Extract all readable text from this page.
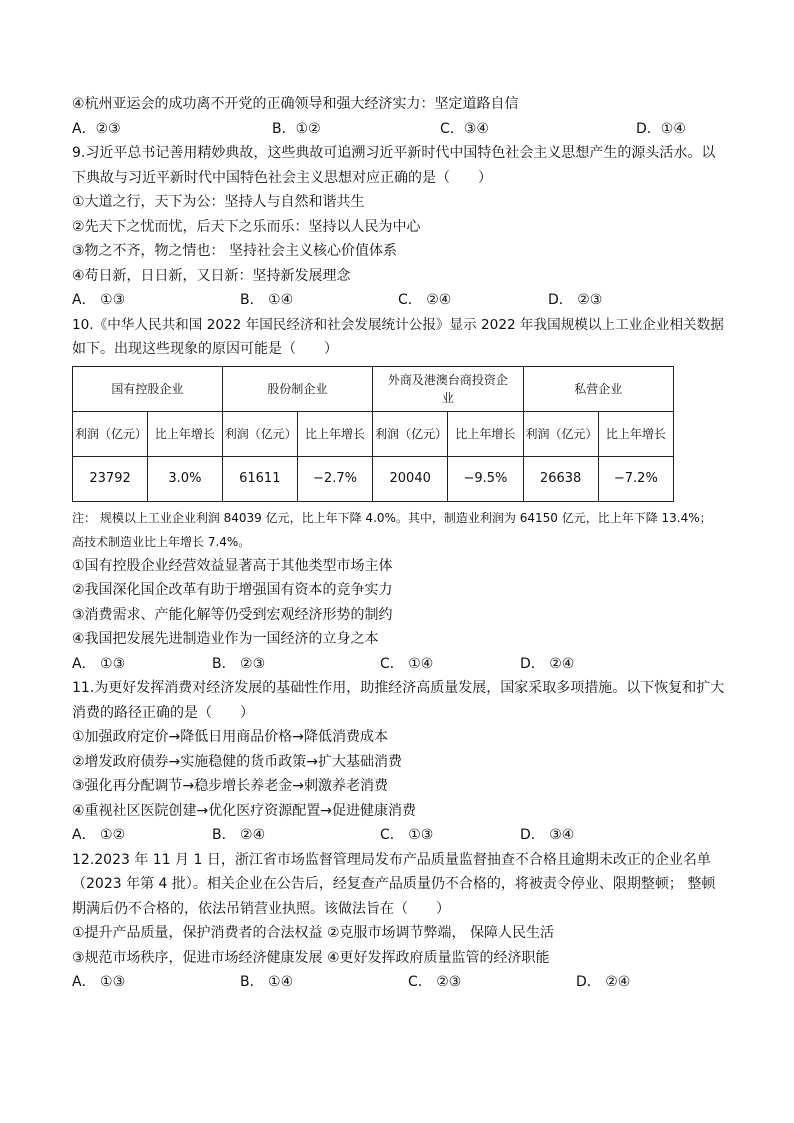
④杭州亚运会的成功离不开党的正确领导和强大经济实力：坚定道路自信
A．②③	B．①②	C．③④	D．①④
9.习近平总书记善用精妙典故，这些典故可追溯习近平新时代中国特色社会主义思想产生的源头活水。以
下典故与习近平新时代中国特色社会主义思想对应正确的是（　　）
①大道之行，天下为公：坚持人与自然和谐共生
②先天下之忧而忧，后天下之乐而乐：坚持以人民为中心
③物之不齐，物之情也： 坚持社会主义核心价值体系
④苟日新，日日新，又日新：坚持新发展理念
A． ①③	B． ①④	C． ②④	D． ②③
10.《中华人民共和国 2022 年国民经济和社会发展统计公报》显示 2022 年我国规模以上工业企业相关数据
如下。出现这些现象的原因可能是（　　）
国有控股企业		股份制企业		外商及港澳台商投资企业		私营企业	
利润（亿元）	比上年增长	利润（亿元）	比上年增长	利润（亿元）	比上年增长	利润（亿元）	比上年增长
23792	3.0%	61611	−2.7%	20040	−9.5%	26638	−7.2%
注： 规模以上工业企业利润 84039 亿元，比上年下降 4.0%。其中，制造业利润为 64150 亿元，比上年下降 13.4%； 高技术制造业比上年增长 7.4%。
①国有控股企业经营效益显著高于其他类型市场主体
②我国深化国企改革有助于增强国有资本的竞争实力
③消费需求、产能化解等仍受到宏观经济形势的制约
④我国把发展先进制造业作为一国经济的立身之本
A． ①③	B． ②③	C． ①④	D． ②④
11.为更好发挥消费对经济发展的基础性作用，助推经济高质量发展，国家采取多项措施。以下恢复和扩大
消费的路径正确的是（　　）
①加强政府定价→降低日用商品价格→降低消费成本
②增发政府债券→实施稳健的货币政策→扩大基础消费
③强化再分配调节→稳步增长养老金→刺激养老消费
④重视社区医院创建→优化医疗资源配置→促进健康消费
A． ①②	B． ②④	C． ①③	D． ③④
12.2023 年 11 月 1 日，浙江省市场监督管理局发布产品质量监督抽查不合格且逾期未改正的企业名单
（2023 年第 4 批）。相关企业在公告后，经复查产品质量仍不合格的，将被责令停业、限期整顿； 整顿
期满后仍不合格的，依法吊销营业执照。该做法旨在（　　）
①提升产品质量，保护消费者的合法权益 ②克服市场调节弊端， 保障人民生活
③规范市场秩序，促进市场经济健康发展 ④更好发挥政府质量监管的经济职能
A． ①③	B． ①④	C． ②③	D． ②④
